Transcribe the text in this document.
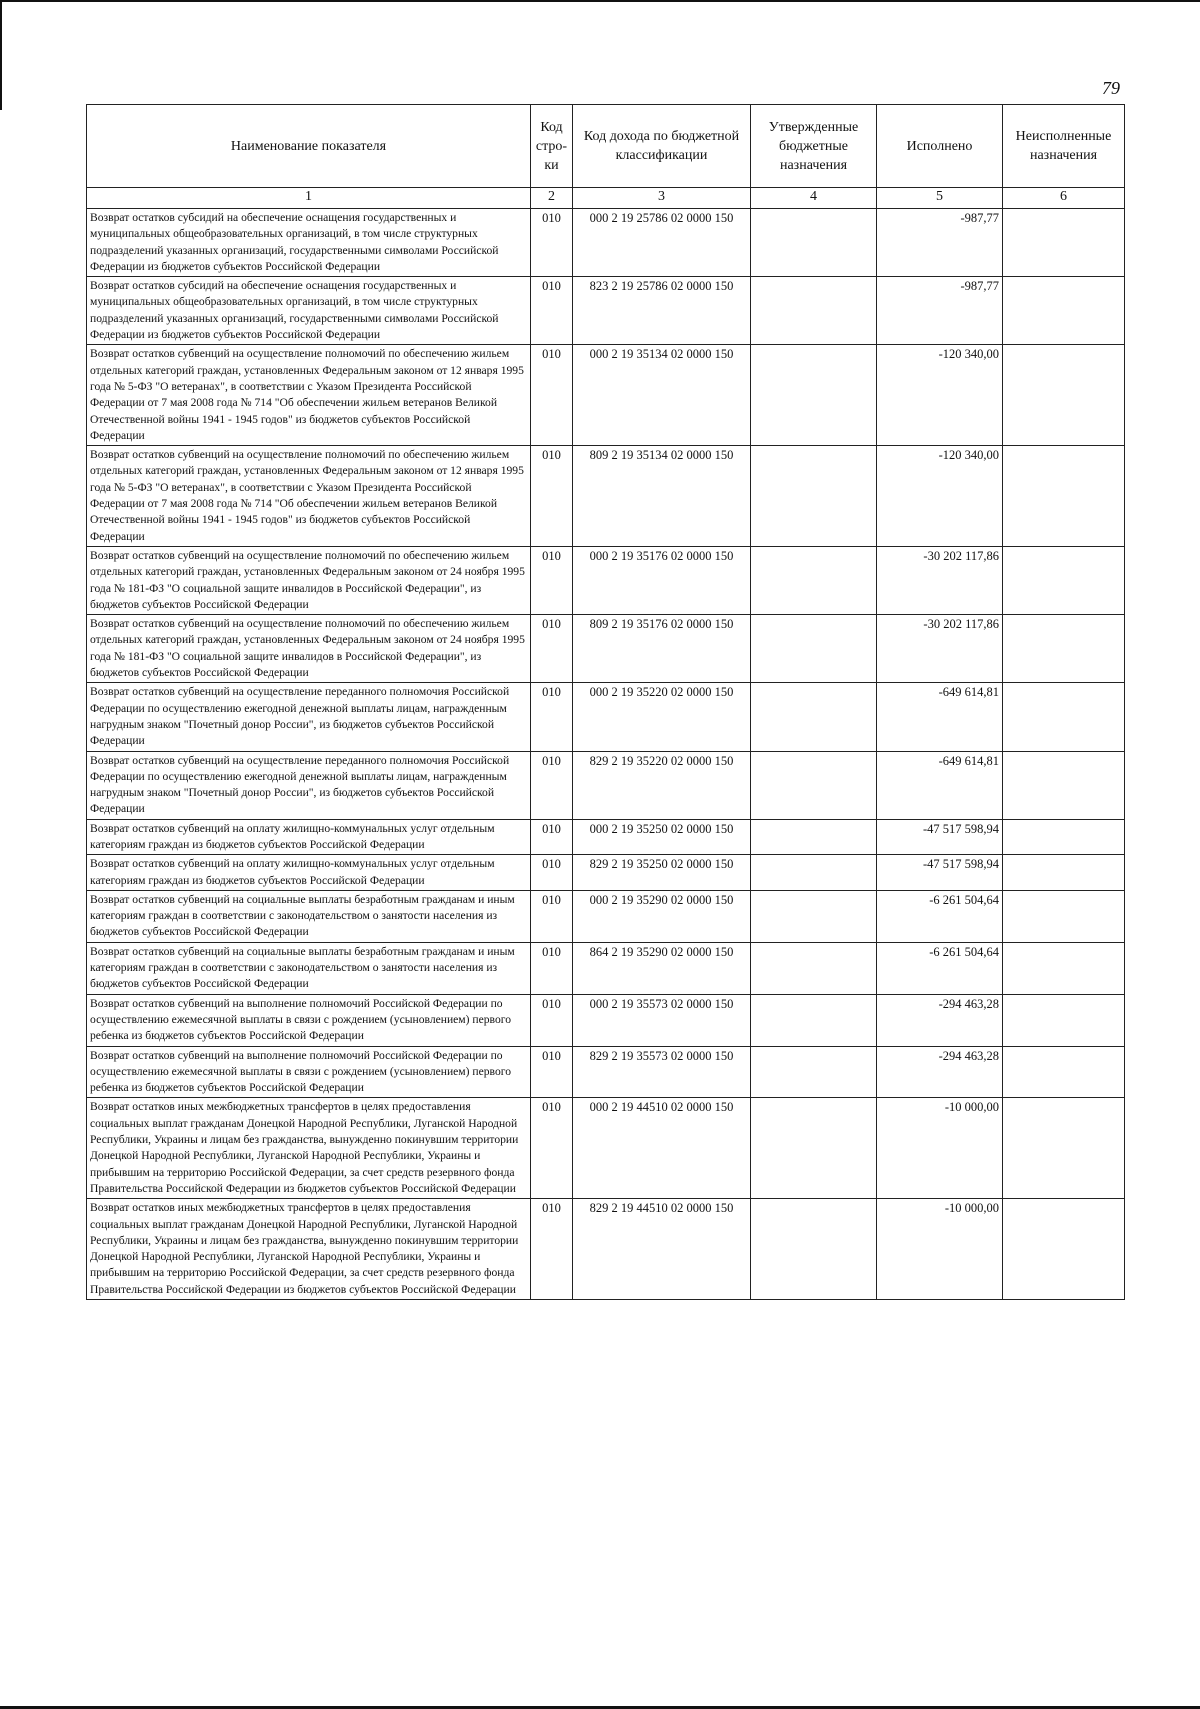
79
Наименование показателя	Код стро-ки	Код дохода по бюджетной классификации	Утвержденные бюджетные назначения	Исполнено	Неисполненные назначения
1	2	3	4	5	6
Возврат остатков субсидий на обеспечение оснащения государственных и муниципальных общеобразовательных организаций, в том числе структурных подразделений указанных организаций, государственными символами Российской Федерации из бюджетов субъектов Российской Федерации	010	000 2 19 25786 02 0000 150		-987,77	
Возврат остатков субсидий на обеспечение оснащения государственных и муниципальных общеобразовательных организаций, в том числе структурных подразделений указанных организаций, государственными символами Российской Федерации из бюджетов субъектов Российской Федерации	010	823 2 19 25786 02 0000 150		-987,77	
Возврат остатков субвенций на осуществление полномочий по обеспечению жильем отдельных категорий граждан, установленных Федеральным законом от 12 января 1995 года № 5-ФЗ "О ветеранах", в соответствии с Указом Президента Российской Федерации от 7 мая 2008 года № 714 "Об обеспечении жильем ветеранов Великой Отечественной войны 1941 - 1945 годов" из бюджетов субъектов Российской Федерации	010	000 2 19 35134 02 0000 150		-120 340,00	
Возврат остатков субвенций на осуществление полномочий по обеспечению жильем отдельных категорий граждан, установленных Федеральным законом от 12 января 1995 года № 5-ФЗ "О ветеранах", в соответствии с Указом Президента Российской Федерации от 7 мая 2008 года № 714 "Об обеспечении жильем ветеранов Великой Отечественной войны 1941 - 1945 годов" из бюджетов субъектов Российской Федерации	010	809 2 19 35134 02 0000 150		-120 340,00	
Возврат остатков субвенций на осуществление полномочий по обеспечению жильем отдельных категорий граждан, установленных Федеральным законом от 24 ноября 1995 года № 181-ФЗ "О социальной защите инвалидов в Российской Федерации", из бюджетов субъектов Российской Федерации	010	000 2 19 35176 02 0000 150		-30 202 117,86	
Возврат остатков субвенций на осуществление полномочий по обеспечению жильем отдельных категорий граждан, установленных Федеральным законом от 24 ноября 1995 года № 181-ФЗ "О социальной защите инвалидов в Российской Федерации", из бюджетов субъектов Российской Федерации	010	809 2 19 35176 02 0000 150		-30 202 117,86	
Возврат остатков субвенций на осуществление переданного полномочия Российской Федерации по осуществлению ежегодной денежной выплаты лицам, награжденным нагрудным знаком "Почетный донор России", из бюджетов субъектов Российской Федерации	010	000 2 19 35220 02 0000 150		-649 614,81	
Возврат остатков субвенций на осуществление переданного полномочия Российской Федерации по осуществлению ежегодной денежной выплаты лицам, награжденным нагрудным знаком "Почетный донор России", из бюджетов субъектов Российской Федерации	010	829 2 19 35220 02 0000 150		-649 614,81	
Возврат остатков субвенций на оплату жилищно-коммунальных услуг отдельным категориям граждан из бюджетов субъектов Российской Федерации	010	000 2 19 35250 02 0000 150		-47 517 598,94	
Возврат остатков субвенций на оплату жилищно-коммунальных услуг отдельным категориям граждан из бюджетов субъектов Российской Федерации	010	829 2 19 35250 02 0000 150		-47 517 598,94	
Возврат остатков субвенций на социальные выплаты безработным гражданам и иным категориям граждан в соответствии с законодательством о занятости населения из бюджетов субъектов Российской Федерации	010	000 2 19 35290 02 0000 150		-6 261 504,64	
Возврат остатков субвенций на социальные выплаты безработным гражданам и иным категориям граждан в соответствии с законодательством о занятости населения из бюджетов субъектов Российской Федерации	010	864 2 19 35290 02 0000 150		-6 261 504,64	
Возврат остатков субвенций на выполнение полномочий Российской Федерации по осуществлению ежемесячной выплаты в связи с рождением (усыновлением) первого ребенка из бюджетов субъектов Российской Федерации	010	000 2 19 35573 02 0000 150		-294 463,28	
Возврат остатков субвенций на выполнение полномочий Российской Федерации по осуществлению ежемесячной выплаты в связи с рождением (усыновлением) первого ребенка из бюджетов субъектов Российской Федерации	010	829 2 19 35573 02 0000 150		-294 463,28	
Возврат остатков иных межбюджетных трансфертов в целях предоставления социальных выплат гражданам Донецкой Народной Республики, Луганской Народной Республики, Украины и лицам без гражданства, вынужденно покинувшим территории Донецкой Народной Республики, Луганской Народной Республики, Украины и прибывшим на территорию Российской Федерации, за счет средств резервного фонда Правительства Российской Федерации из бюджетов субъектов Российской Федерации	010	000 2 19 44510 02 0000 150		-10 000,00	
Возврат остатков иных межбюджетных трансфертов в целях предоставления социальных выплат гражданам Донецкой Народной Республики, Луганской Народной Республики, Украины и лицам без гражданства, вынужденно покинувшим территории Донецкой Народной Республики, Луганской Народной Республики, Украины и прибывшим на территорию Российской Федерации, за счет средств резервного фонда Правительства Российской Федерации из бюджетов субъектов Российской Федерации	010	829 2 19 44510 02 0000 150		-10 000,00	
